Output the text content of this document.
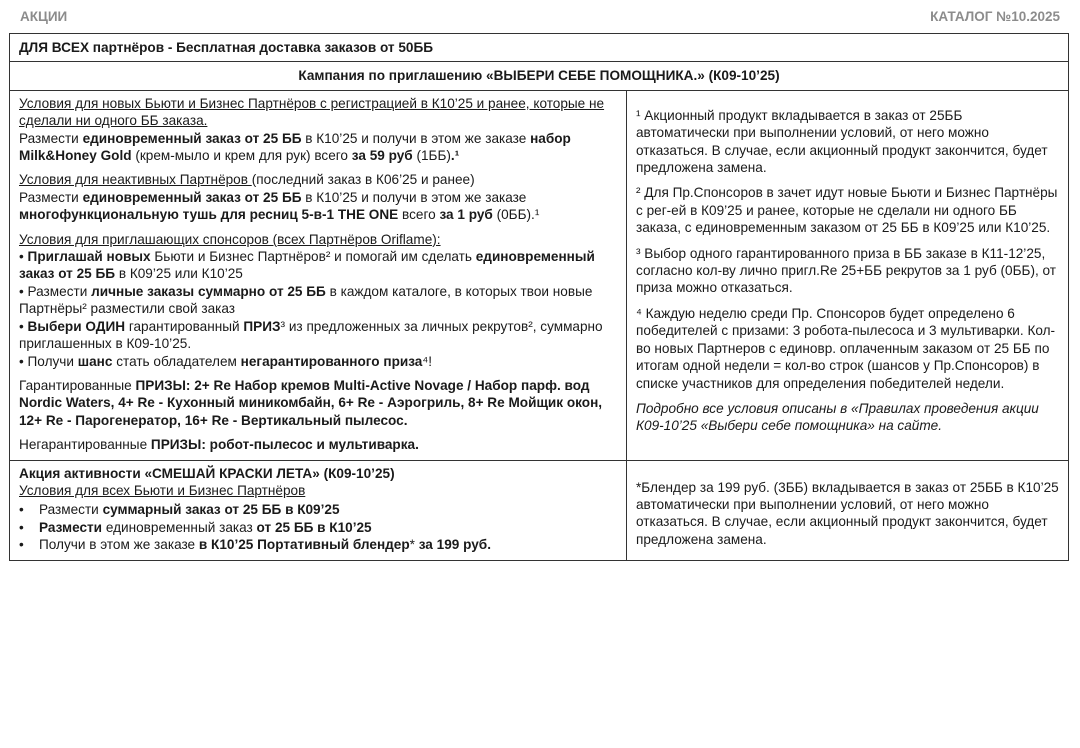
АКЦИИ	КАТАЛОГ №10.2025
ДЛЯ ВСЕХ партнёров - Бесплатная доставка заказов от 50ББ
Кампания по приглашению «ВЫБЕРИ СЕБЕ ПОМОЩНИКА.» (К09-10’25)

Условия для новых Бьюти и Бизнес Партнёров с регистрацией в К10’25 и ранее, которые не сделали ни одного ББ заказа.

Размести единовременный заказ от 25 ББ в К10’25 и получи в этом же заказе набор Milk&Honey Gold (крем-мыло и крем для рук) всего за 59 руб (1ББ).¹

Условия для неактивных Партнёров (последний заказ в К06’25 и ранее)

Размести единовременный заказ от 25 ББ в К10’25 и получи в этом же заказе многофункциональную тушь для ресниц 5-в-1 THE ONE всего за 1 руб (0ББ).¹

Условия для приглашающих спонсоров (всех Партнёров Oriflame):

• Приглашай новых Бьюти и Бизнес Партнёров² и помогай им сделать единовременный заказ от 25 ББ в К09’25 или К10’25

• Размести личные заказы суммарно от 25 ББ в каждом каталоге, в которых твои новые Партнёры² разместили свой заказ

• Выбери ОДИН гарантированный ПРИЗ³ из предложенных за личных рекрутов², суммарно приглашенных в К09-10’25.

• Получи шанс стать обладателем негарантированного приза⁴!

Гарантированные ПРИЗЫ: 2+ Re Набор кремов Multi-Active Novage / Набор парф. вод Nordic Waters, 4+ Re - Кухонный миникомбайн, 6+ Re - Аэрогриль, 8+ Re Мойщик окон, 12+ Re - Парогенератор, 16+ Re - Вертикальный пылесос.

Негарантированные ПРИЗЫ: робот-пылесос и мультиварка.

¹ Акционный продукт вкладывается в заказ от 25ББ автоматически при выполнении условий, от него можно отказаться. В случае, если акционный продукт закончится, будет предложена замена.

² Для Пр.Спонсоров в зачет идут новые Бьюти и Бизнес Партнёры с рег-ей в К09’25 и ранее, которые не сделали ни одного ББ заказа, с единовременным заказом от 25 ББ в К09’25 или К10’25.

³ Выбор одного гарантированного приза в ББ заказе в К11-12’25, согласно кол-ву лично пригл.Re 25+ББ рекрутов за 1 руб (0ББ), от приза можно отказаться.

⁴ Каждую неделю среди Пр. Спонсоров будет определено 6 победителей с призами: 3 робота-пылесоса и 3 мультиварки. Кол-во новых Партнеров с единовр. оплаченным заказом от 25 ББ по итогам одной недели = кол-во строк (шансов у Пр.Спонсоров) в списке участников для определения победителей недели.

Подробно все условия описаны в «Правилах проведения акции К09-10’25 «Выбери себе помощника» на сайте.

Акция активности «СМЕШАЙ КРАСКИ ЛЕТА» (К09-10’25)

Условия для всех Бьюти и Бизнес Партнёров

• Размести суммарный заказ от 25 ББ в К09’25
• Размести единовременный заказ от 25 ББ в К10’25
• Получи в этом же заказе в К10’25 Портативный блендер* за 199 руб.

*Блендер за 199 руб. (3ББ) вкладывается в заказ от 25ББ в К10’25 автоматически при выполнении условий, от него можно отказаться. В случае, если акционный продукт закончится, будет предложена замена.
